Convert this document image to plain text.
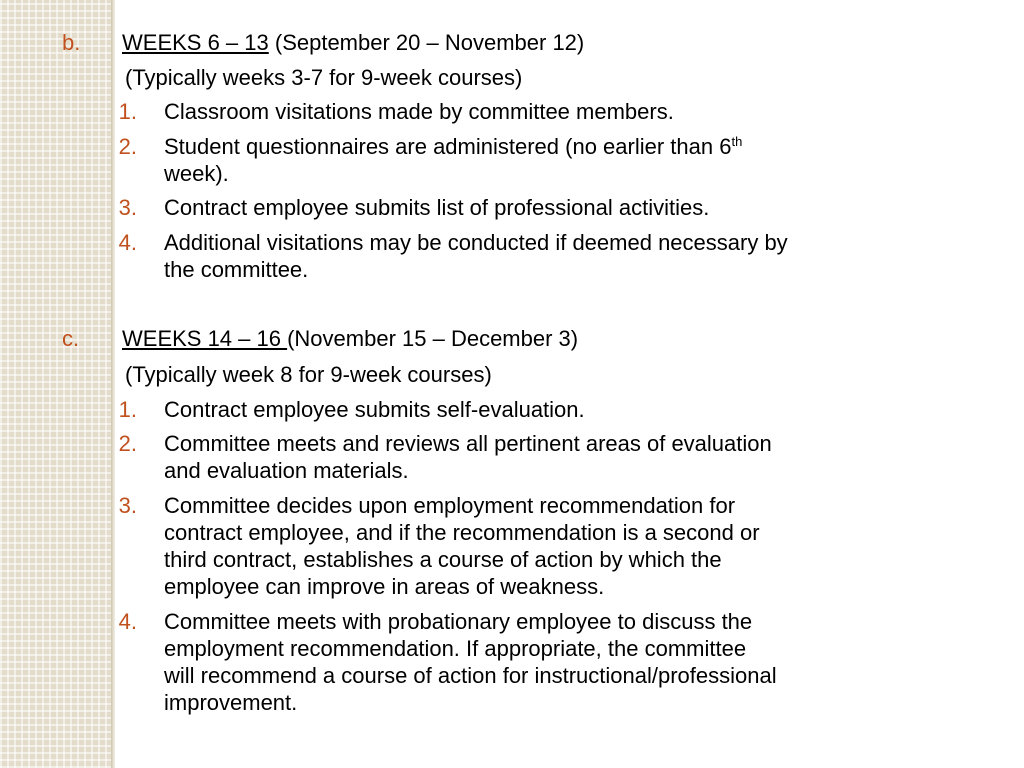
b. WEEKS 6 – 13 (September 20 – November 12)
(Typically weeks 3-7 for 9-week courses)
1. Classroom visitations made by committee members.
2. Student questionnaires are administered (no earlier than 6th
week).
3. Contract employee submits list of professional activities.
4. Additional visitations may be conducted if deemed necessary by
the committee.
c. WEEKS 14 – 16 (November 15 – December 3)
(Typically week 8 for 9-week courses)
1. Contract employee submits self-evaluation.
2. Committee meets and reviews all pertinent areas of evaluation
and evaluation materials.
3. Committee decides upon employment recommendation for
contract employee, and if the recommendation is a second or
third contract, establishes a course of action by which the
employee can improve in areas of weakness.
4. Committee meets with probationary employee to discuss the
employment recommendation. If appropriate, the committee
will recommend a course of action for instructional/professional
improvement.
